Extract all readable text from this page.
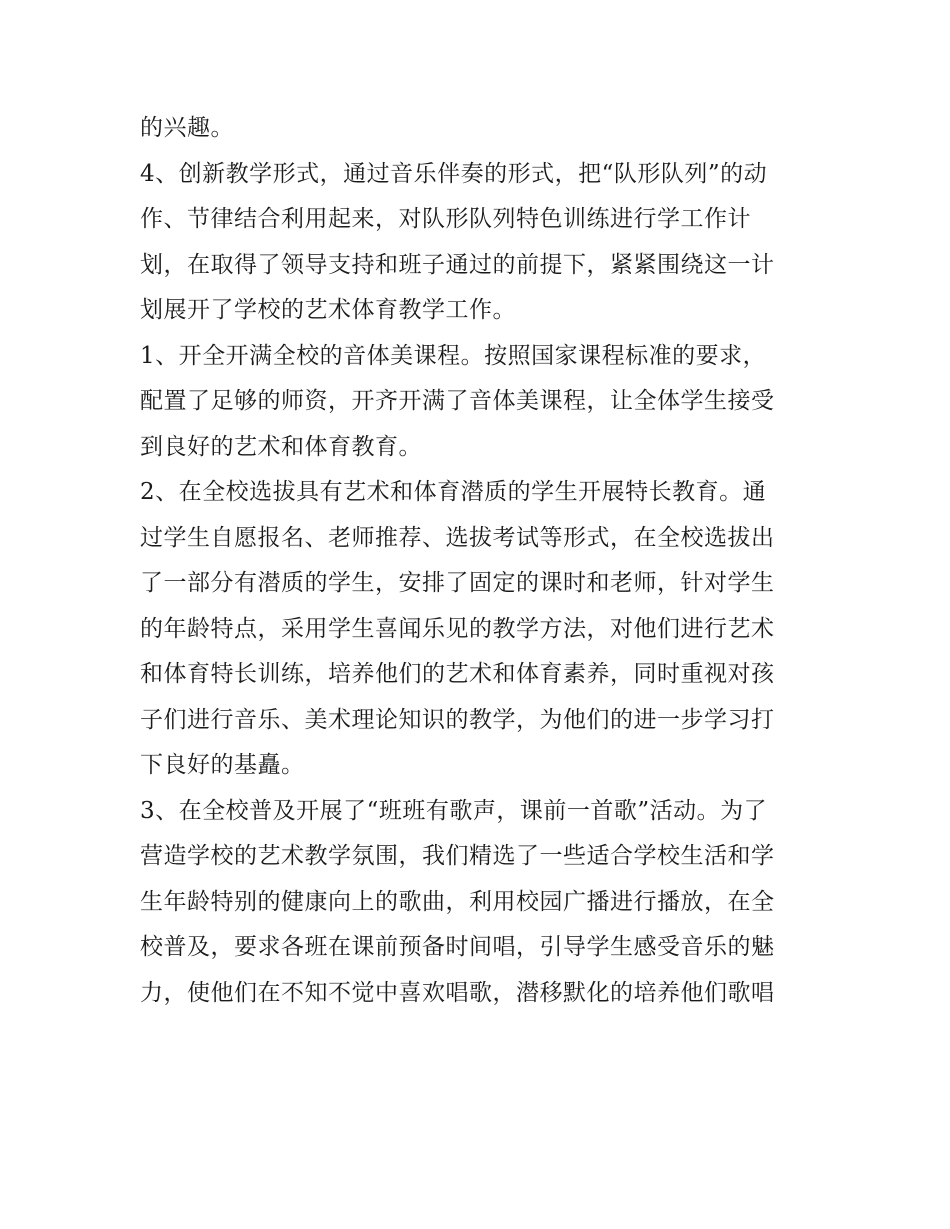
的兴趣。
4、创新教学形式，通过音乐伴奏的形式，把“队形队列”的动
作、节律结合利用起来，对队形队列特色训练进行学工作计
划，在取得了领导支持和班子通过的前提下，紧紧围绕这一计
划展开了学校的艺术体育教学工作。
1、开全开满全校的音体美课程。按照国家课程标准的要求，
配置了足够的师资，开齐开满了音体美课程，让全体学生接受
到良好的艺术和体育教育。
2、在全校选拔具有艺术和体育潜质的学生开展特长教育。通
过学生自愿报名、老师推荐、选拔考试等形式，在全校选拔出
了一部分有潜质的学生，安排了固定的课时和老师，针对学生
的年龄特点，采用学生喜闻乐见的教学方法，对他们进行艺术
和体育特长训练，培养他们的艺术和体育素养，同时重视对孩
子们进行音乐、美术理论知识的教学，为他们的进一步学习打
下良好的基矗。
3、在全校普及开展了“班班有歌声，课前一首歌”活动。为了
营造学校的艺术教学氛围，我们精选了一些适合学校生活和学
生年龄特别的健康向上的歌曲，利用校园广播进行播放，在全
校普及，要求各班在课前预备时间唱，引导学生感受音乐的魅
力，使他们在不知不觉中喜欢唱歌，潜移默化的培养他们歌唱
